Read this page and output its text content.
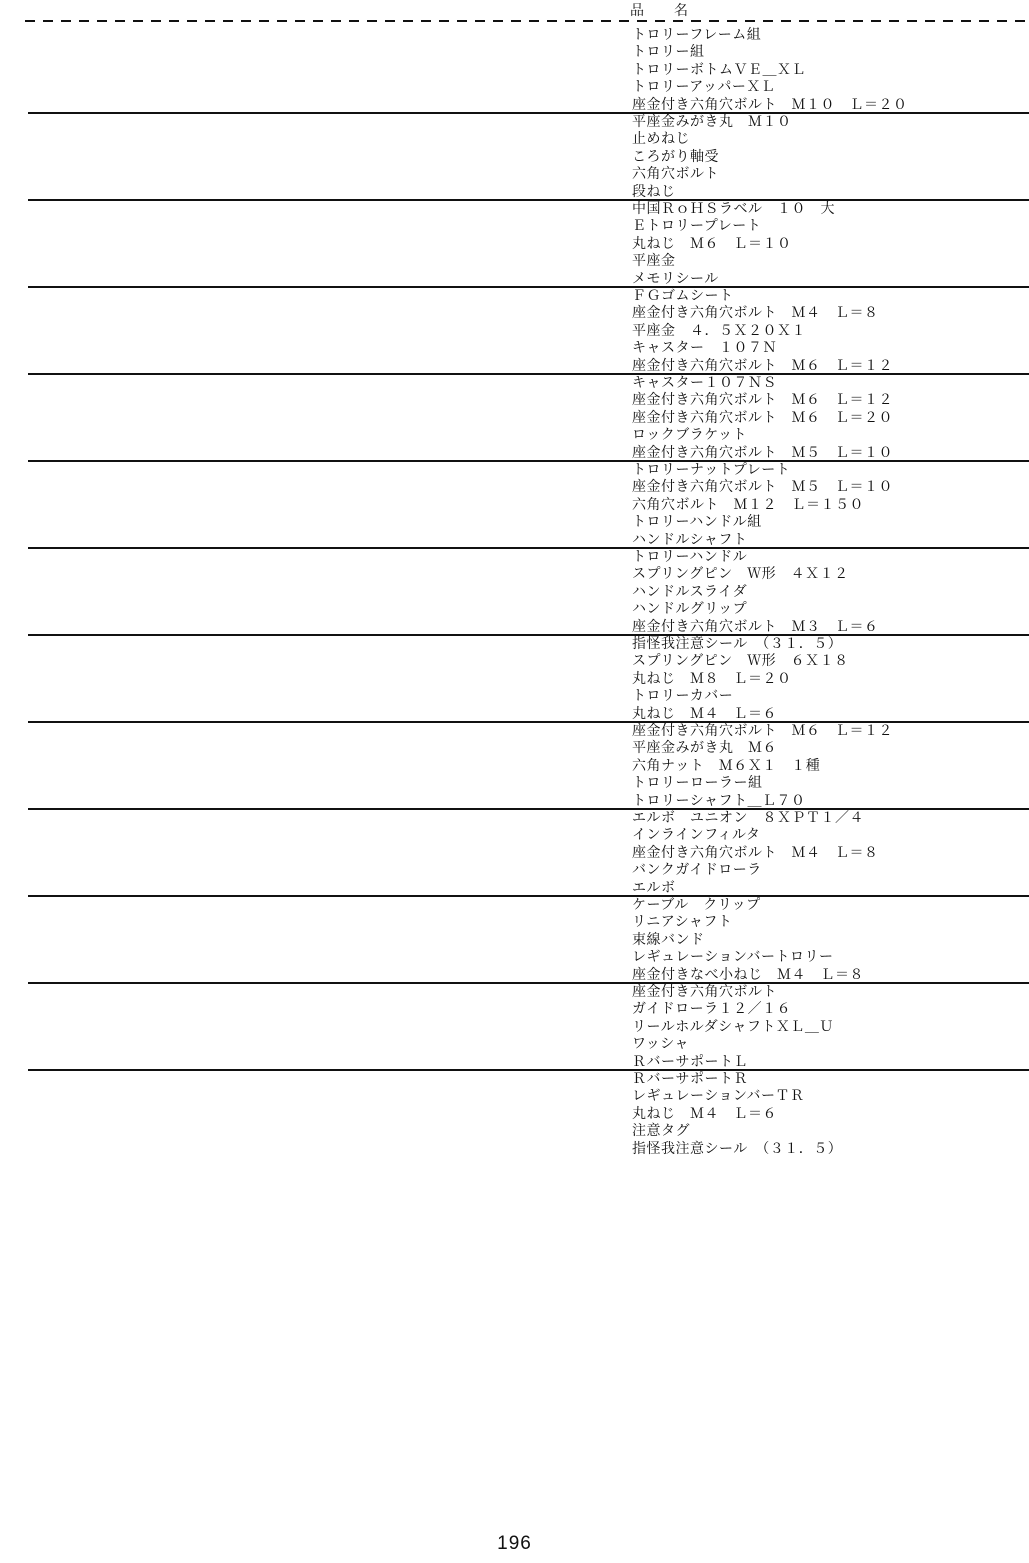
品　名
トロリーフレーム組
トロリー組
トロリーボトムＶＥ＿ＸＬ
トロリーアッパーＸＬ
座金付き六角穴ボルト　Ｍ１０　Ｌ＝２０
平座金みがき丸　Ｍ１０
止めねじ
ころがり軸受
六角穴ボルト
段ねじ
中国ＲｏＨＳラベル　１０　大
Ｅトロリープレート
丸ねじ　Ｍ６　Ｌ＝１０
平座金
メモリシール
ＦＧゴムシート
座金付き六角穴ボルト　Ｍ４　Ｌ＝８
平座金　４．５Ｘ２０Ｘ１
キャスター　１０７Ｎ
座金付き六角穴ボルト　Ｍ６　Ｌ＝１２
キャスター１０７ＮＳ
座金付き六角穴ボルト　Ｍ６　Ｌ＝１２
座金付き六角穴ボルト　Ｍ６　Ｌ＝２０
ロックブラケット
座金付き六角穴ボルト　Ｍ５　Ｌ＝１０
トロリーナットプレート
座金付き六角穴ボルト　Ｍ５　Ｌ＝１０
六角穴ボルト　Ｍ１２　Ｌ＝１５０
トロリーハンドル組
ハンドルシャフト
トロリーハンドル
スプリングピン　Ｗ形　４Ｘ１２
ハンドルスライダ
ハンドルグリップ
座金付き六角穴ボルト　Ｍ３　Ｌ＝６
指怪我注意シール　（３１．５）
スプリングピン　Ｗ形　６Ｘ１８
丸ねじ　Ｍ８　Ｌ＝２０
トロリーカバー
丸ねじ　Ｍ４　Ｌ＝６
座金付き六角穴ボルト　Ｍ６　Ｌ＝１２
平座金みがき丸　Ｍ６
六角ナット　Ｍ６Ｘ１　１種
トロリーローラー組
トロリーシャフト＿Ｌ７０
エルボ　ユニオン　８ＸＰＴ１／４
インラインフィルタ
座金付き六角穴ボルト　Ｍ４　Ｌ＝８
バンクガイドローラ
エルボ
ケーブル　クリップ
リニアシャフト
束線バンド
レギュレーションバートロリー
座金付きなべ小ねじ　Ｍ４　Ｌ＝８
座金付き六角穴ボルト
ガイドローラ１２／１６
リールホルダシャフトＸＬ＿Ｕ
ワッシャ
ＲバーサポートＬ
ＲバーサポートＲ
レギュレーションバーＴＲ
丸ねじ　Ｍ４　Ｌ＝６
注意タグ
指怪我注意シール　（３１．５）
196
